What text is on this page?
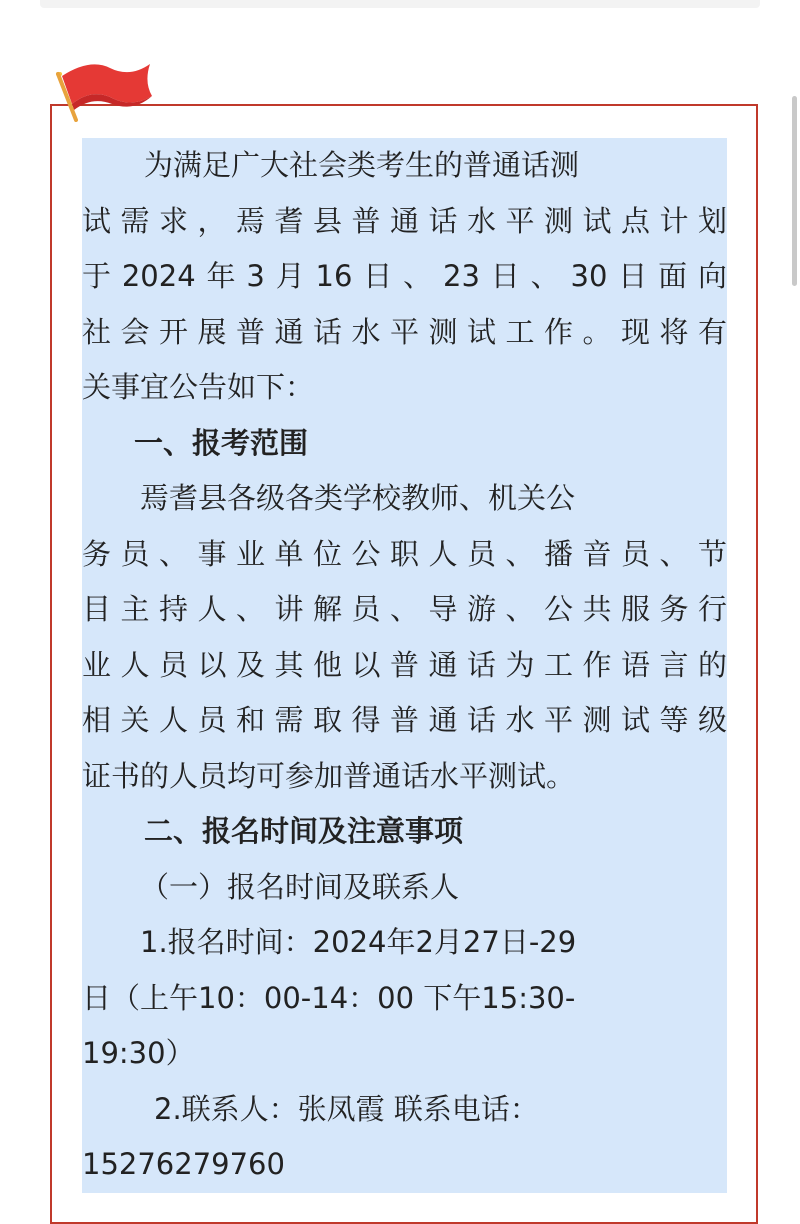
为满足广大社会类考生的普通话测
试需求，焉耆县普通话水平测试点计划
于2024年3月16日、23日、30日面向
社会开展普通话水平测试工作。现将有
关事宜公告如下：
一、报考范围
焉耆县各级各类学校教师、机关公
务员、事业单位公职人员、播音员、节
目主持人、讲解员、导游、公共服务行
业人员以及其他以普通话为工作语言的
相关人员和需取得普通话水平测试等级
证书的人员均可参加普通话水平测试。
二、报名时间及注意事项
（一）报名时间及联系人
1.报名时间：2024年2月27日-29
日（上午10：00-14：00 下午15:30-
19:30）
2.联系人：张凤霞 联系电话：
15276279760
